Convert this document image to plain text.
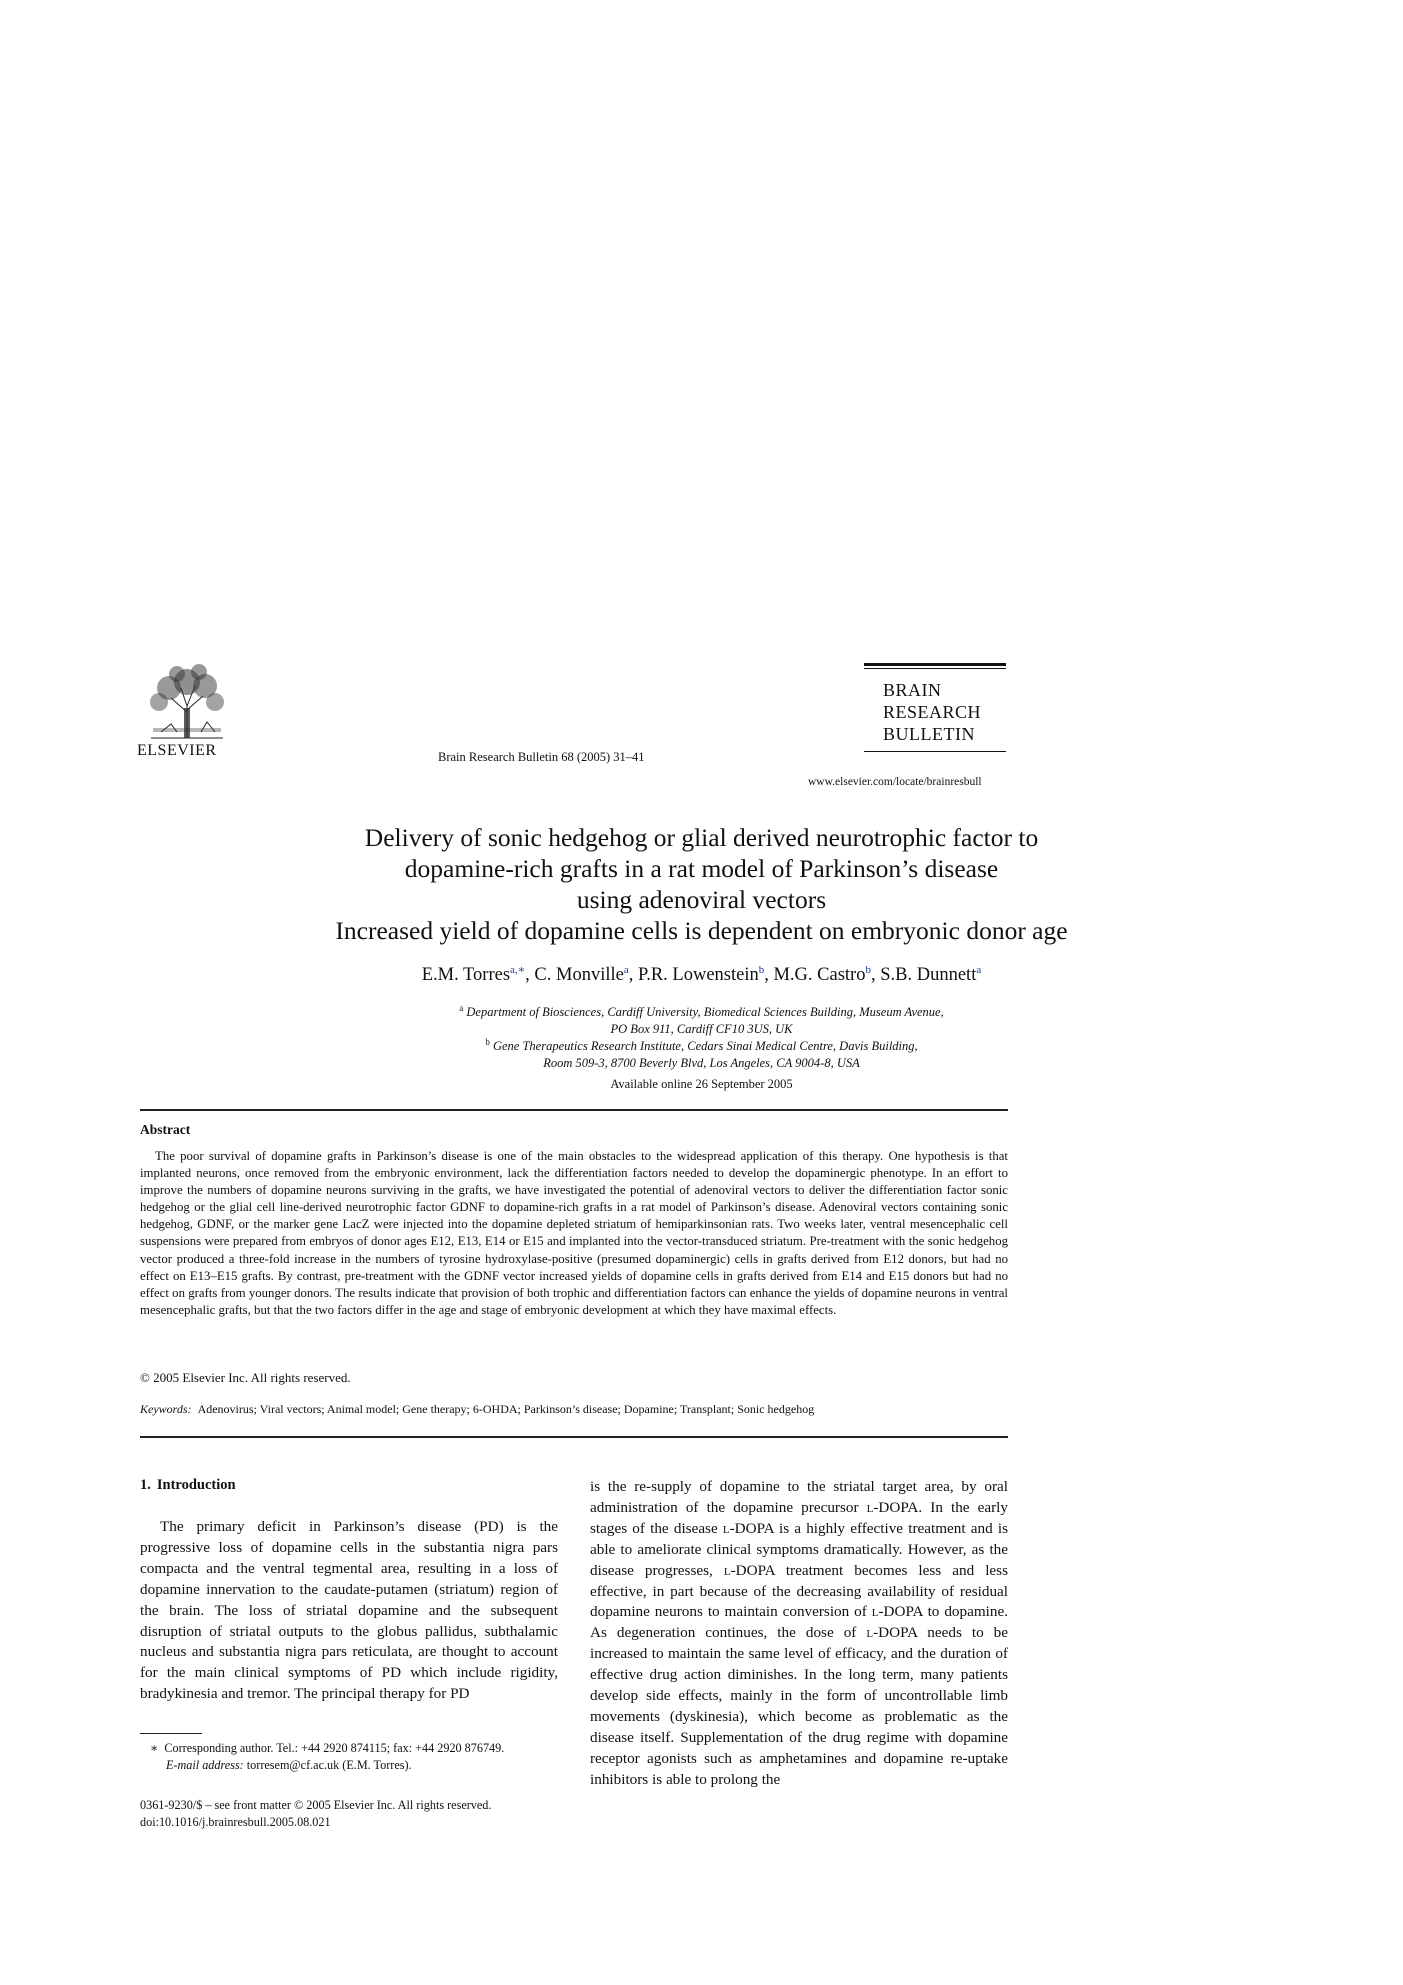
ELSEVIER	Brain Research Bulletin 68 (2005) 31–41
BRAIN
RESEARCH
BULLETIN
www.elsevier.com/locate/brainresbull
Delivery of sonic hedgehog or glial derived neurotrophic factor to
dopamine-rich grafts in a rat model of Parkinson’s disease
using adenoviral vectors
Increased yield of dopamine cells is dependent on embryonic donor age
E.M. Torres$^{a,∗}$, C. Monville$^a$, P.R. Lowenstein$^b$, M.G. Castro$^b$, S.B. Dunnett$^a$
$^a$ Department of Biosciences, Cardiff University, Biomedical Sciences Building, Museum Avenue,
PO Box 911, Cardiff CF10 3US, UK
$^b$ Gene Therapeutics Research Institute, Cedars Sinai Medical Centre, Davis Building,
Room 509-3, 8700 Beverly Blvd, Los Angeles, CA 9004-8, USA
Available online 26 September 2005
Abstract
The poor survival of dopamine grafts in Parkinson’s disease is one of the main obstacles to the widespread application of this therapy. One hypothesis is that implanted neurons, once removed from the embryonic environment, lack the differentiation factors needed to develop the dopaminergic phenotype. In an effort to improve the numbers of dopamine neurons surviving in the grafts, we have investigated the potential of adenoviral vectors to deliver the differentiation factor sonic hedgehog or the glial cell line-derived neurotrophic factor GDNF to dopamine-rich grafts in a rat model of Parkinson’s disease. Adenoviral vectors containing sonic hedgehog, GDNF, or the marker gene LacZ were injected into the dopamine depleted striatum of hemiparkinsonian rats. Two weeks later, ventral mesencephalic cell suspensions were prepared from embryos of donor ages E12, E13, E14 or E15 and implanted into the vector-transduced striatum. Pre-treatment with the sonic hedgehog vector produced a three-fold increase in the numbers of tyrosine hydroxylase-positive (presumed dopaminergic) cells in grafts derived from E12 donors, but had no effect on E13–E15 grafts. By contrast, pre-treatment with the GDNF vector increased yields of dopamine cells in grafts derived from E14 and E15 donors but had no effect on grafts from younger donors. The results indicate that provision of both trophic and differentiation factors can enhance the yields of dopamine neurons in ventral mesencephalic grafts, but that the two factors differ in the age and stage of embryonic development at which they have maximal effects.
© 2005 Elsevier Inc. All rights reserved.
Keywords: Adenovirus; Viral vectors; Animal model; Gene therapy; 6-OHDA; Parkinson’s disease; Dopamine; Transplant; Sonic hedgehog
1. Introduction
The primary deficit in Parkinson’s disease (PD) is the progressive loss of dopamine cells in the substantia nigra pars compacta and the ventral tegmental area, resulting in a loss of dopamine innervation to the caudate-putamen (striatum) region of the brain. The loss of striatal dopamine and the subsequent disruption of striatal outputs to the globus pallidus, subthalamic nucleus and substantia nigra pars reticulata, are thought to account for the main clinical symptoms of PD which include rigidity, bradykinesia and tremor. The principal therapy for PD
is the re-supply of dopamine to the striatal target area, by oral administration of the dopamine precursor l-DOPA. In the early stages of the disease l-DOPA is a highly effective treatment and is able to ameliorate clinical symptoms dramatically. However, as the disease progresses, l-DOPA treatment becomes less and less effective, in part because of the decreasing availability of residual dopamine neurons to maintain conversion of l-DOPA to dopamine. As degeneration continues, the dose of l-DOPA needs to be increased to maintain the same level of efficacy, and the duration of effective drug action diminishes. In the long term, many patients develop side effects, mainly in the form of uncontrollable limb movements (dyskinesia), which become as problematic as the disease itself. Supplementation of the drug regime with dopamine receptor agonists such as amphetamines and dopamine re-uptake inhibitors is able to prolong the
∗ Corresponding author. Tel.: +44 2920 874115; fax: +44 2920 876749.
E-mail address: torresem@cf.ac.uk (E.M. Torres).
0361-9230/$ – see front matter © 2005 Elsevier Inc. All rights reserved.
doi:10.1016/j.brainresbull.2005.08.021
